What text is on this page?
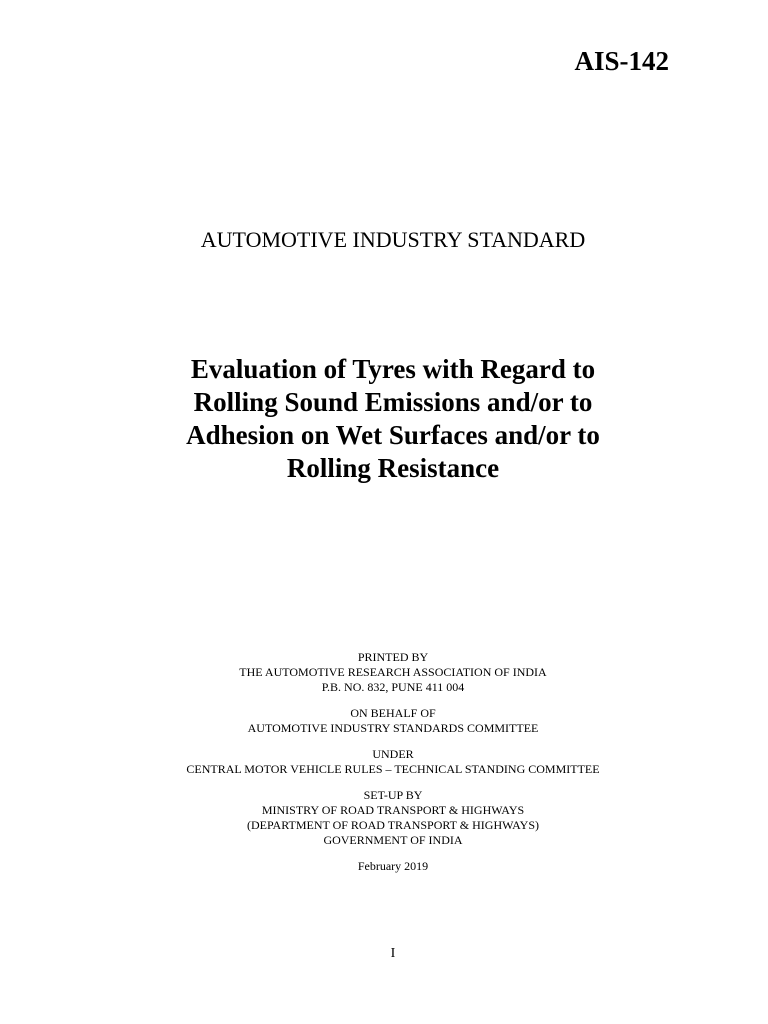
AIS-142
AUTOMOTIVE INDUSTRY STANDARD
Evaluation of Tyres with Regard to
Rolling Sound Emissions and/or to
Adhesion on Wet Surfaces and/or to
Rolling Resistance
PRINTED BY
THE AUTOMOTIVE RESEARCH ASSOCIATION OF INDIA
P.B. NO. 832, PUNE 411 004
ON BEHALF OF
AUTOMOTIVE INDUSTRY STANDARDS COMMITTEE
UNDER
CENTRAL MOTOR VEHICLE RULES – TECHNICAL STANDING COMMITTEE
SET-UP BY
MINISTRY OF ROAD TRANSPORT & HIGHWAYS
(DEPARTMENT OF ROAD TRANSPORT & HIGHWAYS)
GOVERNMENT OF INDIA
February 2019
I
